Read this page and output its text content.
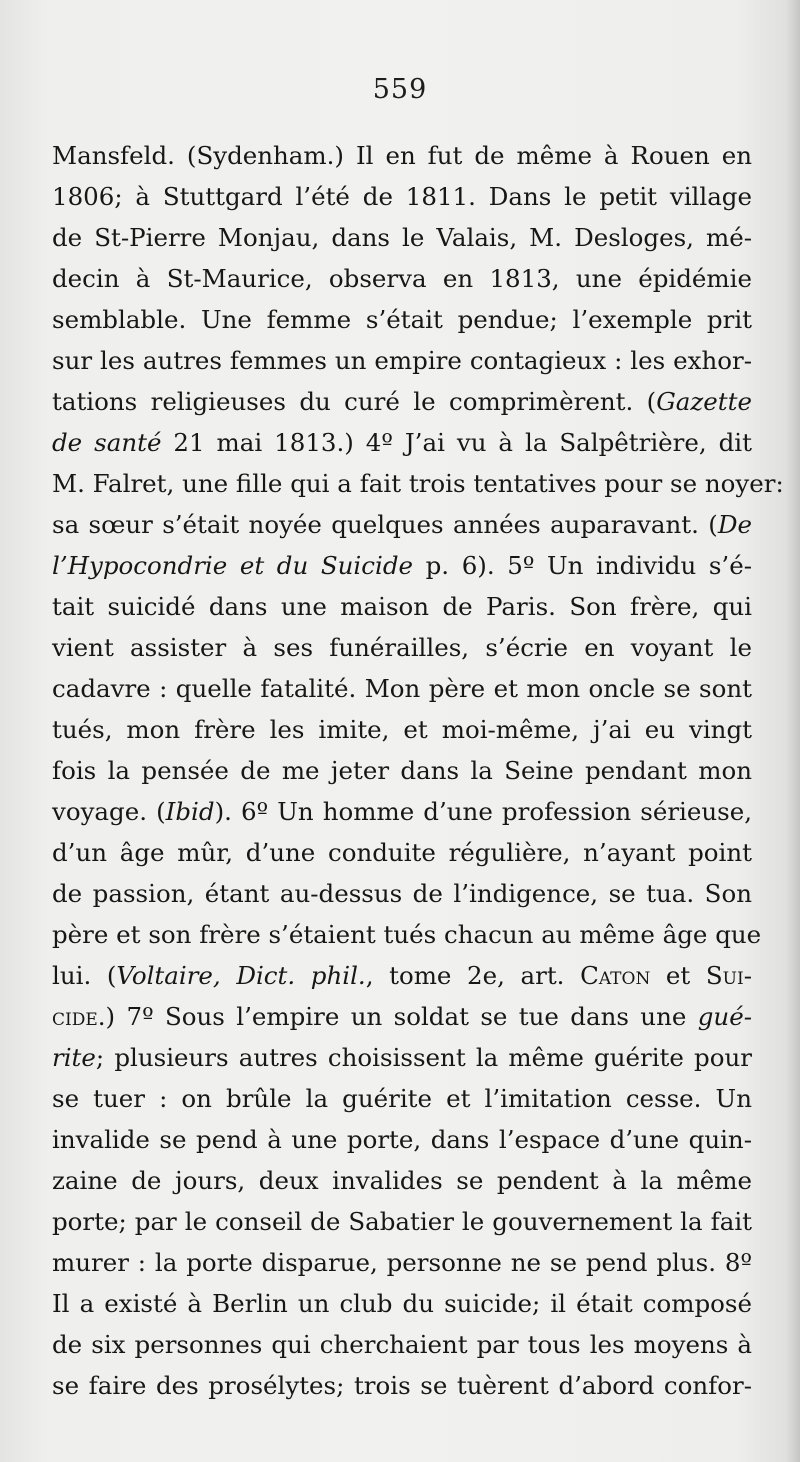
559
Mansfeld. (Sydenham.) Il en fut de même à Rouen en
1806; à Stuttgard l’été de 1811. Dans le petit village
de St-Pierre Monjau, dans le Valais, M. Desloges, mé-
decin à St-Maurice, observa en 1813, une épidémie
semblable. Une femme s’était pendue; l’exemple prit
sur les autres femmes un empire contagieux : les exhor-
tations religieuses du curé le comprimèrent. (Gazette
de santé 21 mai 1813.) 4º J’ai vu à la Salpêtrière, dit
M. Falret, une fille qui a fait trois tentatives pour se noyer:
sa sœur s’était noyée quelques années auparavant. (De
l’Hypocondrie et du Suicide p. 6). 5º Un individu s’é-
tait suicidé dans une maison de Paris. Son frère, qui
vient assister à ses funérailles, s’écrie en voyant le
cadavre : quelle fatalité. Mon père et mon oncle se sont
tués, mon frère les imite, et moi-même, j’ai eu vingt
fois la pensée de me jeter dans la Seine pendant mon
voyage. (Ibid). 6º Un homme d’une profession sérieuse,
d’un âge mûr, d’une conduite régulière, n’ayant point
de passion, étant au-dessus de l’indigence, se tua. Son
père et son frère s’étaient tués chacun au même âge que
lui. (Voltaire, Dict. phil., tome 2e, art. Caton et Sui-
cide.) 7º Sous l’empire un soldat se tue dans une gué-
rite; plusieurs autres choisissent la même guérite pour
se tuer : on brûle la guérite et l’imitation cesse. Un
invalide se pend à une porte, dans l’espace d’une quin-
zaine de jours, deux invalides se pendent à la même
porte; par le conseil de Sabatier le gouvernement la fait
murer : la porte disparue, personne ne se pend plus. 8º
Il a existé à Berlin un club du suicide; il était composé
de six personnes qui cherchaient par tous les moyens à
se faire des prosélytes; trois se tuèrent d’abord confor-
